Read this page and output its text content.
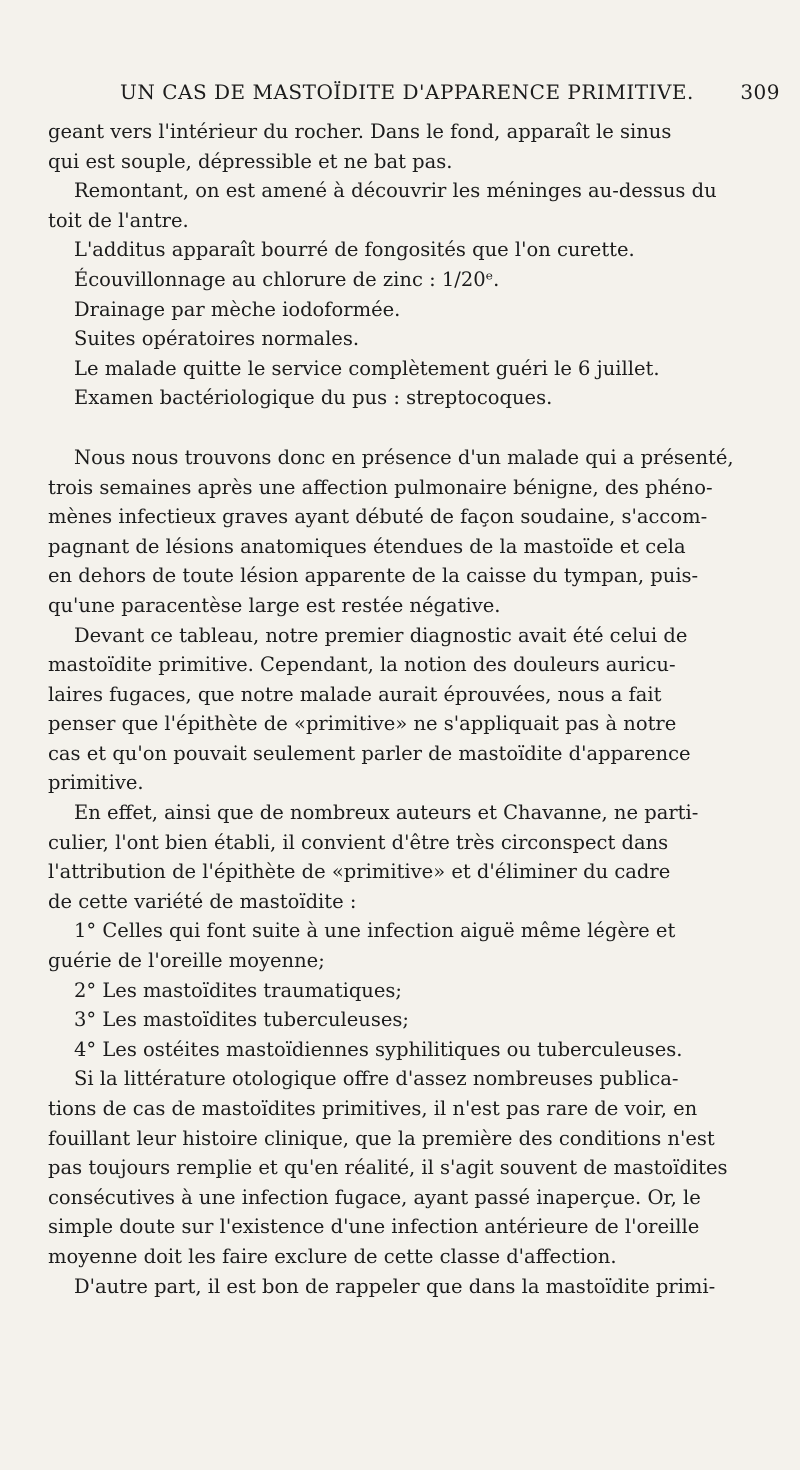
UN CAS DE MASTOÏDITE D'APPARENCE PRIMITIVE. 309
geant vers l'intérieur du rocher. Dans le fond, apparaît le sinus
qui est souple, dépressible et ne bat pas.
Remontant, on est amené à découvrir les méninges au-dessus du
toit de l'antre.
L'additus apparaît bourré de fongosités que l'on curette.
Écouvillonnage au chlorure de zinc : 1/20ᵉ.
Drainage par mèche iodoformée.
Suites opératoires normales.
Le malade quitte le service complètement guéri le 6 juillet.
Examen bactériologique du pus : streptocoques.
Nous nous trouvons donc en présence d'un malade qui a présenté,
trois semaines après une affection pulmonaire bénigne, des phéno-
mènes infectieux graves ayant débuté de façon soudaine, s'accom-
pagnant de lésions anatomiques étendues de la mastoïde et cela
en dehors de toute lésion apparente de la caisse du tympan, puis-
qu'une paracentèse large est restée négative.
Devant ce tableau, notre premier diagnostic avait été celui de
mastoïdite primitive. Cependant, la notion des douleurs auricu-
laires fugaces, que notre malade aurait éprouvées, nous a fait
penser que l'épithète de «primitive» ne s'appliquait pas à notre
cas et qu'on pouvait seulement parler de mastoïdite d'apparence
primitive.
En effet, ainsi que de nombreux auteurs et Chavanne, ne parti-
culier, l'ont bien établi, il convient d'être très circonspect dans
l'attribution de l'épithète de «primitive» et d'éliminer du cadre
de cette variété de mastoïdite :
1° Celles qui font suite à une infection aiguë même légère et
guérie de l'oreille moyenne;
2° Les mastoïdites traumatiques;
3° Les mastoïdites tuberculeuses;
4° Les ostéites mastoïdiennes syphilitiques ou tuberculeuses.
Si la littérature otologique offre d'assez nombreuses publica-
tions de cas de mastoïdites primitives, il n'est pas rare de voir, en
fouillant leur histoire clinique, que la première des conditions n'est
pas toujours remplie et qu'en réalité, il s'agit souvent de mastoïdites
consécutives à une infection fugace, ayant passé inaperçue. Or, le
simple doute sur l'existence d'une infection antérieure de l'oreille
moyenne doit les faire exclure de cette classe d'affection.
D'autre part, il est bon de rappeler que dans la mastoïdite primi-
